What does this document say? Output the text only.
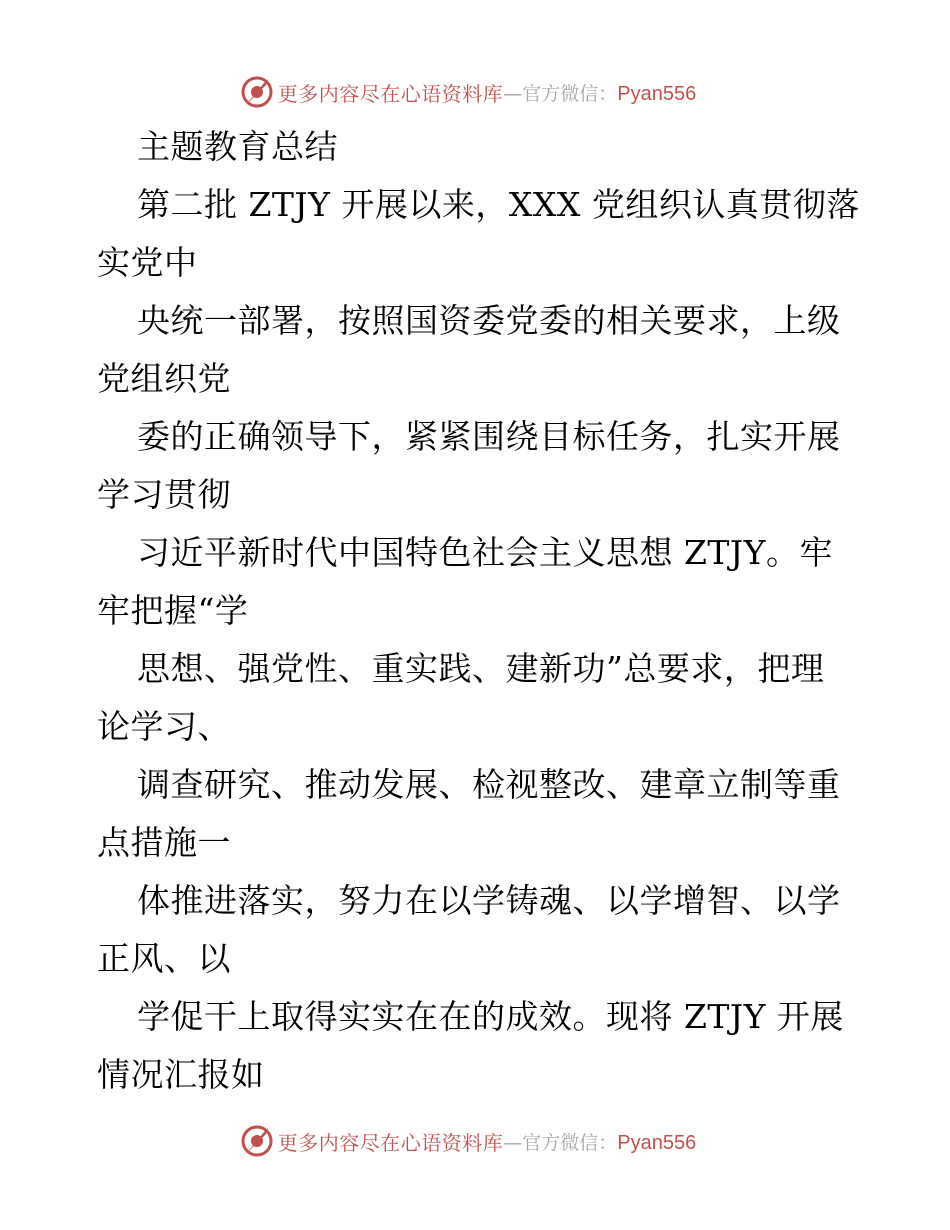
更多内容尽在心语资料库 —官方微信：Pyan556
主题教育总结
第二批 ZTJY 开展以来，XXX 党组织认真贯彻落
实党中
央统一部署，按照国资委党委的相关要求，上级
党组织党
委的正确领导下，紧紧围绕目标任务，扎实开展
学习贯彻
习近平新时代中国特色社会主义思想 ZTJY。牢
牢把握“学
思想、强党性、重实践、建新功”总要求，把理
论学习、
调查研究、推动发展、检视整改、建章立制等重
点措施一
体推进落实，努力在以学铸魂、以学增智、以学
正风、以
学促干上取得实实在在的成效。现将 ZTJY 开展
情况汇报如
更多内容尽在心语资料库 —官方微信：Pyan556
